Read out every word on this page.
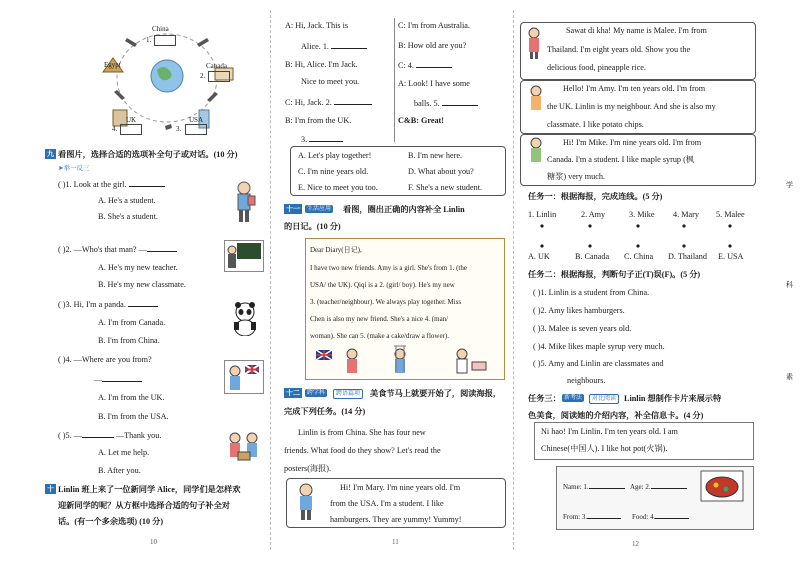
China
1.
Canada
2.
Egypt
UK
4.
USA
3.
九 看图片，选择合适的选项补全句子或对话。(10 分)
➤举一反三
( )1. Look at the girl.
A. He's a student.
B. She's a student.
( )2. —Who's that man? —
A. He's my new teacher.
B. He's my new classmate.
( )3. Hi, I'm a panda.
A. I'm from Canada.
B. I'm from China.
( )4. —Where are you from?
—
A. I'm from the UK.
B. I'm from the USA.
( )5. —	—Thank you.
A. Let me help.
B. After you.
十 Linlin 班上来了一位新同学 Alice，同学们是怎样欢
迎新同学的呢？从方框中选择合适的句子补全对
话。(有一个多余选项) (10 分)
10
A: Hi, Jack. This is
Alice. 1.
B: Hi, Alice. I'm Jack.
Nice to meet you.
C: Hi, Jack. 2.
B: I'm from the UK.
3.
C: I'm from Australia.
B: How old are you?
C: 4.
A: Look! I have some
balls. 5.
C&B: Great!
A. Let's play together!	B. I'm new here.
C. I'm nine years old.	D. What about you?
E. Nice to meet you too.	F. She's a new student.
十一	生活应用 看图，圈出正确的内容补全 Linlin
的日记。(10 分)
Dear Diary(日记),
I have two new friends. Amy is a girl. She's from 1. (the
USA/ the UK). Qiqi is a 2. (girl/ boy). He's my new
3. (teacher/neighbour). We always play together. Miss
Chen is also my new friend. She's a nice 4. (man/
woman). She can 5. (make a cake/draw a flower).
十二	跨学科	跨语篇项	美食节马上就要开始了，阅读海报，
完成下列任务。(14 分)
Linlin is from China. She has four new
friends. What food do they show? Let's read the
posters(海报).
Hi! I'm Mary. I'm nine years old. I'm
from the USA. I'm a student. I like
hamburgers. They are yummy! Yummy!
11
Sawat di kha! My name is Malee. I'm from
Thailand. I'm eight years old. Show you the
delicious food, pineapple rice.
Hello! I'm Amy. I'm ten years old. I'm from
the UK. Linlin is my neighbour. And she is also my
classmate. I like potato chips.
Hi! I'm Mike. I'm nine years old. I'm from
Canada. I'm a student. I like maple syrup (枫
糖浆) very much.
任务一：根据海报，完成连线。(5 分)
1. Linlin	2. Amy	3. Mike 4. Mary 5. Malee
A. UK	B. Canada C. China D. Thailand E. USA
任务二：根据海报，判断句子正(T)误(F)。(5 分)
( )1. Linlin is a student from China.
( )2. Amy likes hamburgers.
( )3. Malee is seven years old.
( )4. Mike likes maple syrup very much.
( )5. Amy and Linlin are classmates and
neighbours.
任务三： 新考法	对比阅读 Linlin 想制作卡片来展示特
色美食，阅读她的介绍内容，补全信息卡。(4 分)
Ni hao! I'm Linlin. I'm ten years old. I am
Chinese(中国人). I like hot pot(火锅).
Name: 1.	Age: 2.
From: 3.	Food: 4.
12
学
科
素
